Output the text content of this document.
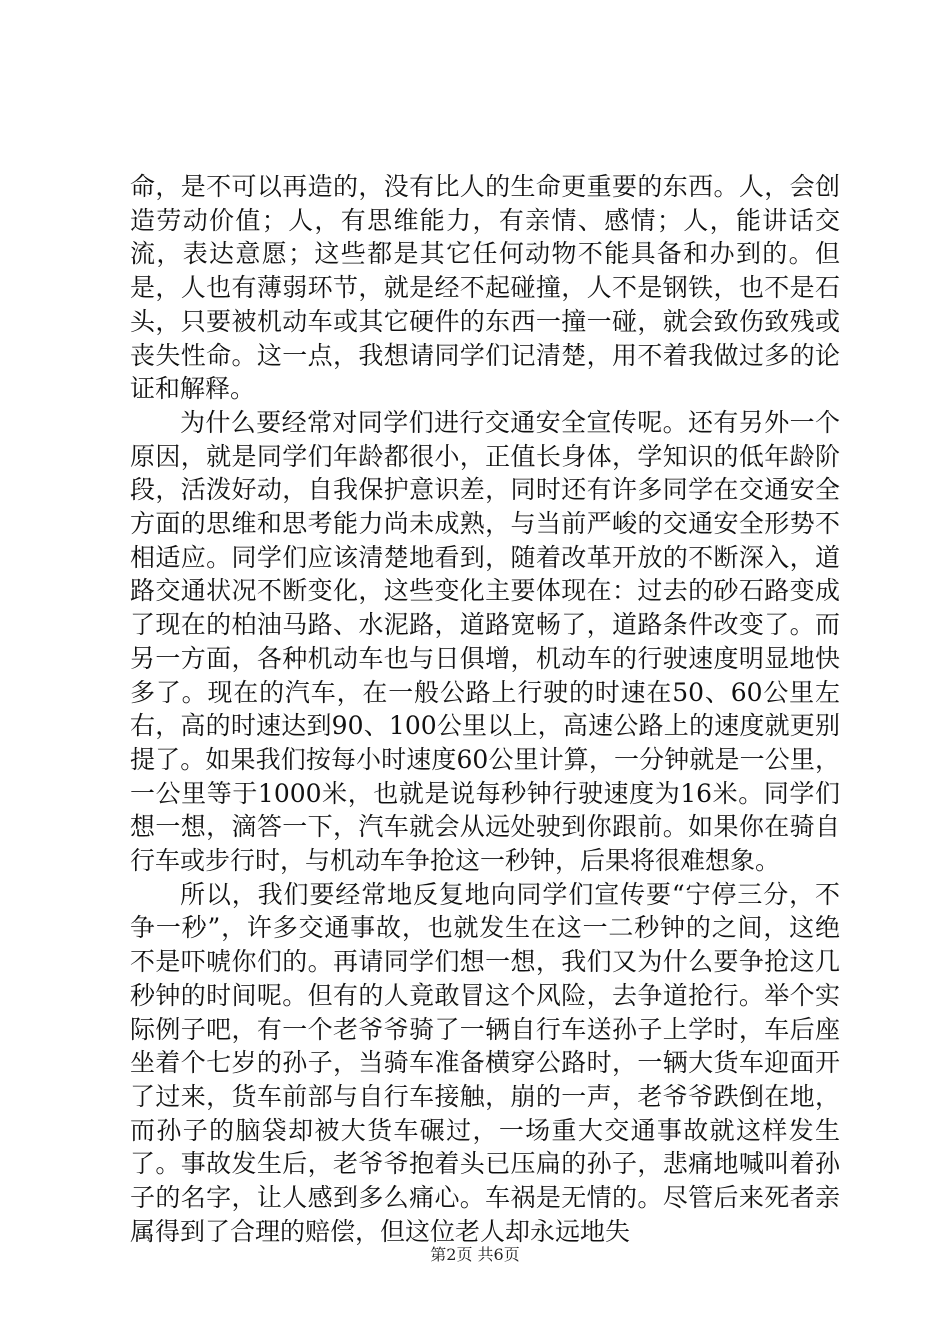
命，是不可以再造的，没有比人的生命更重要的东西。人，会创造劳动价值；人，有思维能力，有亲情、感情；人，能讲话交流，表达意愿；这些都是其它任何动物不能具备和办到的。但是，人也有薄弱环节，就是经不起碰撞，人不是钢铁，也不是石头，只要被机动车或其它硬件的东西一撞一碰，就会致伤致残或丧失性命。这一点，我想请同学们记清楚，用不着我做过多的论证和解释。

为什么要经常对同学们进行交通安全宣传呢。还有另外一个原因，就是同学们年龄都很小，正值长身体，学知识的低年龄阶段，活泼好动，自我保护意识差，同时还有许多同学在交通安全方面的思维和思考能力尚未成熟，与当前严峻的交通安全形势不相适应。同学们应该清楚地看到，随着改革开放的不断深入，道路交通状况不断变化，这些变化主要体现在：过去的砂石路变成了现在的柏油马路、水泥路，道路宽畅了，道路条件改变了。而另一方面，各种机动车也与日俱增，机动车的行驶速度明显地快多了。现在的汽车，在一般公路上行驶的时速在50、60公里左右，高的时速达到90、100公里以上，高速公路上的速度就更别提了。如果我们按每小时速度60公里计算，一分钟就是一公里，一公里等于1000米，也就是说每秒钟行驶速度为16米。同学们想一想，滴答一下，汽车就会从远处驶到你跟前。如果你在骑自行车或步行时，与机动车争抢这一秒钟，后果将很难想象。

所以，我们要经常地反复地向同学们宣传要“宁停三分，不争一秒”，许多交通事故，也就发生在这一二秒钟的之间，这绝不是吓唬你们的。再请同学们想一想，我们又为什么要争抢这几秒钟的时间呢。但有的人竟敢冒这个风险，去争道抢行。举个实际例子吧，有一个老爷爷骑了一辆自行车送孙子上学时，车后座坐着个七岁的孙子，当骑车准备横穿公路时，一辆大货车迎面开了过来，货车前部与自行车接触，崩的一声，老爷爷跌倒在地，而孙子的脑袋却被大货车碾过，一场重大交通事故就这样发生了。事故发生后，老爷爷抱着头已压扁的孙子，悲痛地喊叫着孙子的名字，让人感到多么痛心。车祸是无情的。尽管后来死者亲属得到了合理的赔偿，但这位老人却永远地失

第2页 共6页
